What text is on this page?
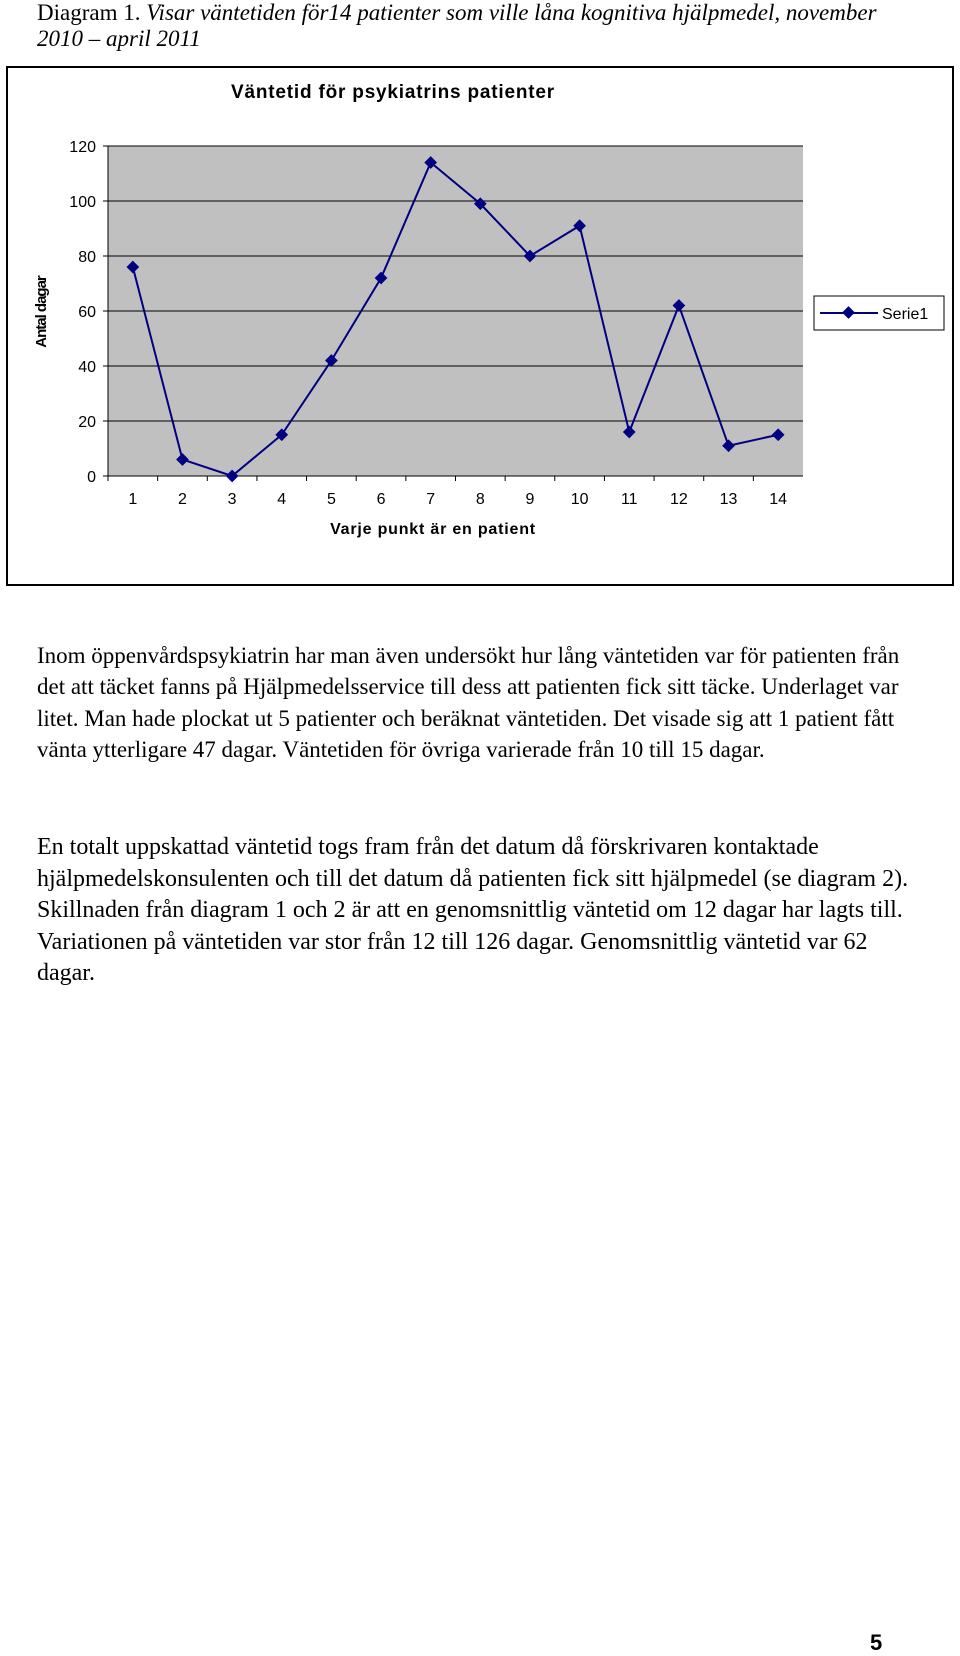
Diagram 1. Visar väntetiden för14 patienter som ville låna kognitiva hjälpmedel, november 2010 – april 2011
Väntetid för psykiatrins patienter
0
20
40
60
80
100
120
1	2	3	4	5	6	7	8	9 10 11 12 13 14
Antal dagar
Varje punkt är en patient
Serie1
Inom öppenvårdspsykiatrin har man även undersökt hur lång väntetiden var för patienten från det att täcket fanns på Hjälpmedelsservice till dess att patienten fick sitt täcke. Underlaget var litet. Man hade plockat ut 5 patienter och beräknat väntetiden. Det visade sig att 1 patient fått vänta ytterligare 47 dagar. Väntetiden för övriga varierade från 10 till 15 dagar.
En totalt uppskattad väntetid togs fram från det datum då förskrivaren kontaktade hjälpmedelskonsulenten och till det datum då patienten fick sitt hjälpmedel (se diagram 2). Skillnaden från diagram 1 och 2 är att en genomsnittlig väntetid om 12 dagar har lagts till. Variationen på väntetiden var stor från 12 till 126 dagar. Genomsnittlig väntetid var 62 dagar.
5
